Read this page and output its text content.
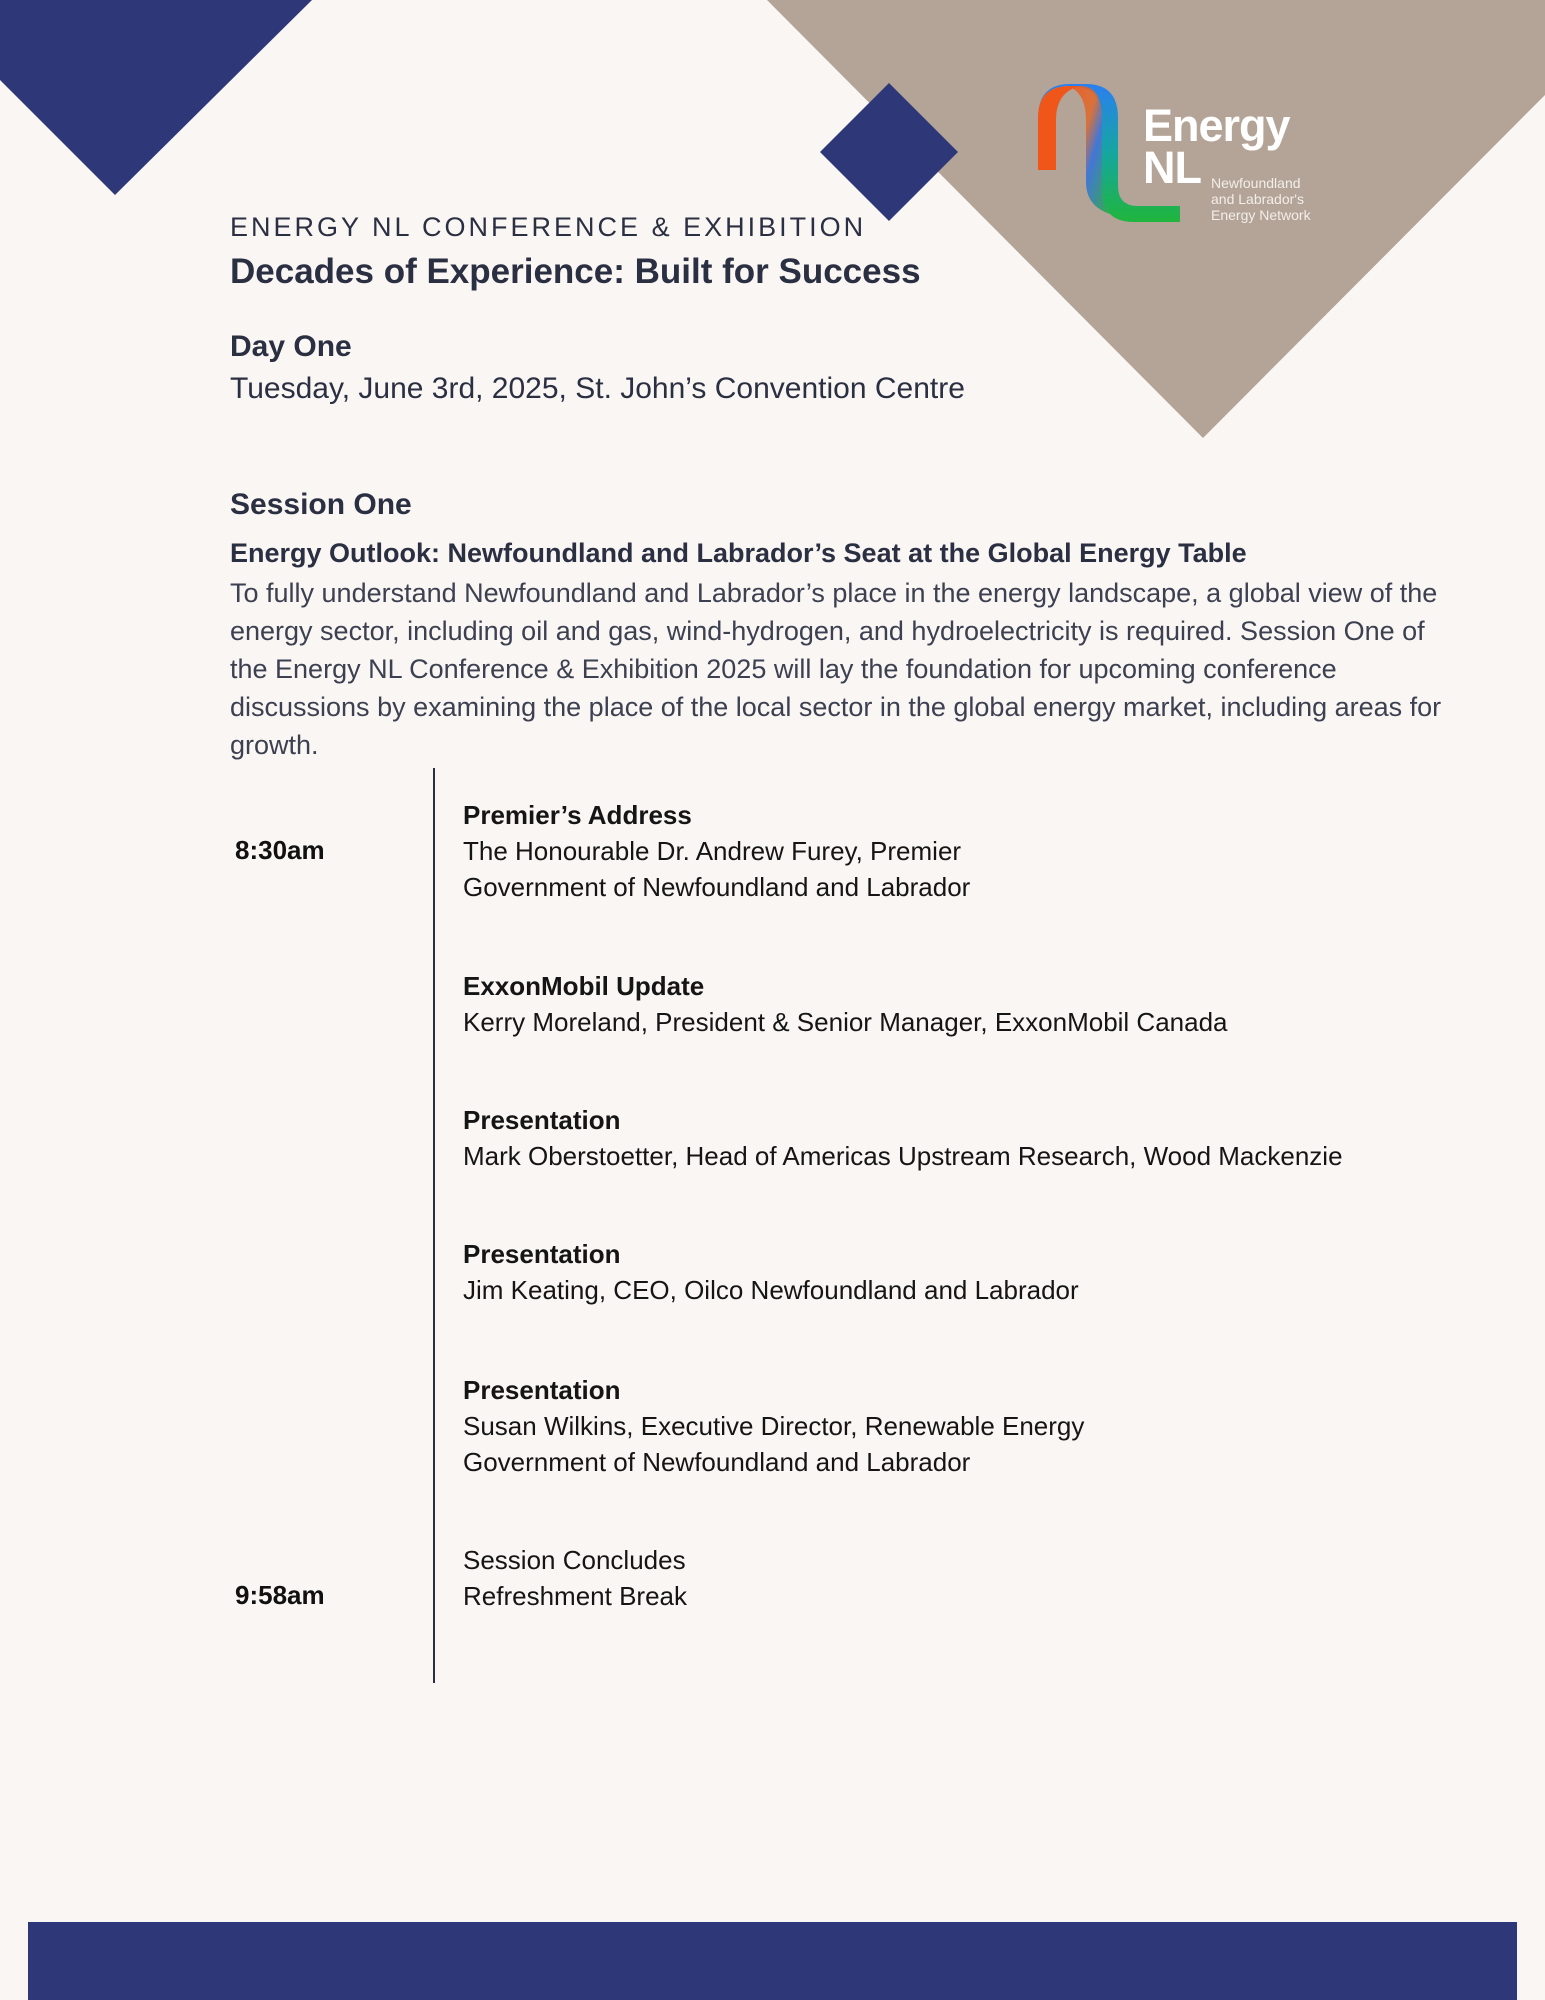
Energy
NL Newfoundland
and Labrador's
Energy Network
ENERGY NL CONFERENCE & EXHIBITION
Decades of Experience: Built for Success
Day One
Tuesday, June 3rd, 2025, St. John’s Convention Centre
Session One
Energy Outlook: Newfoundland and Labrador’s Seat at the Global Energy Table
To fully understand Newfoundland and Labrador’s place in the energy landscape, a global view of the energy sector, including oil and gas, wind-hydrogen, and hydroelectricity is required. Session One of the Energy NL Conference & Exhibition 2025 will lay the foundation for upcoming conference discussions by examining the place of the local sector in the global energy market, including areas for growth.
8:30am
9:58am
Premier’s Address
The Honourable Dr. Andrew Furey, Premier
Government of Newfoundland and Labrador
ExxonMobil Update
Kerry Moreland, President & Senior Manager, ExxonMobil Canada
Presentation
Mark Oberstoetter, Head of Americas Upstream Research, Wood Mackenzie
Presentation
Jim Keating, CEO, Oilco Newfoundland and Labrador
Presentation
Susan Wilkins, Executive Director, Renewable Energy
Government of Newfoundland and Labrador
Session Concludes
Refreshment Break
